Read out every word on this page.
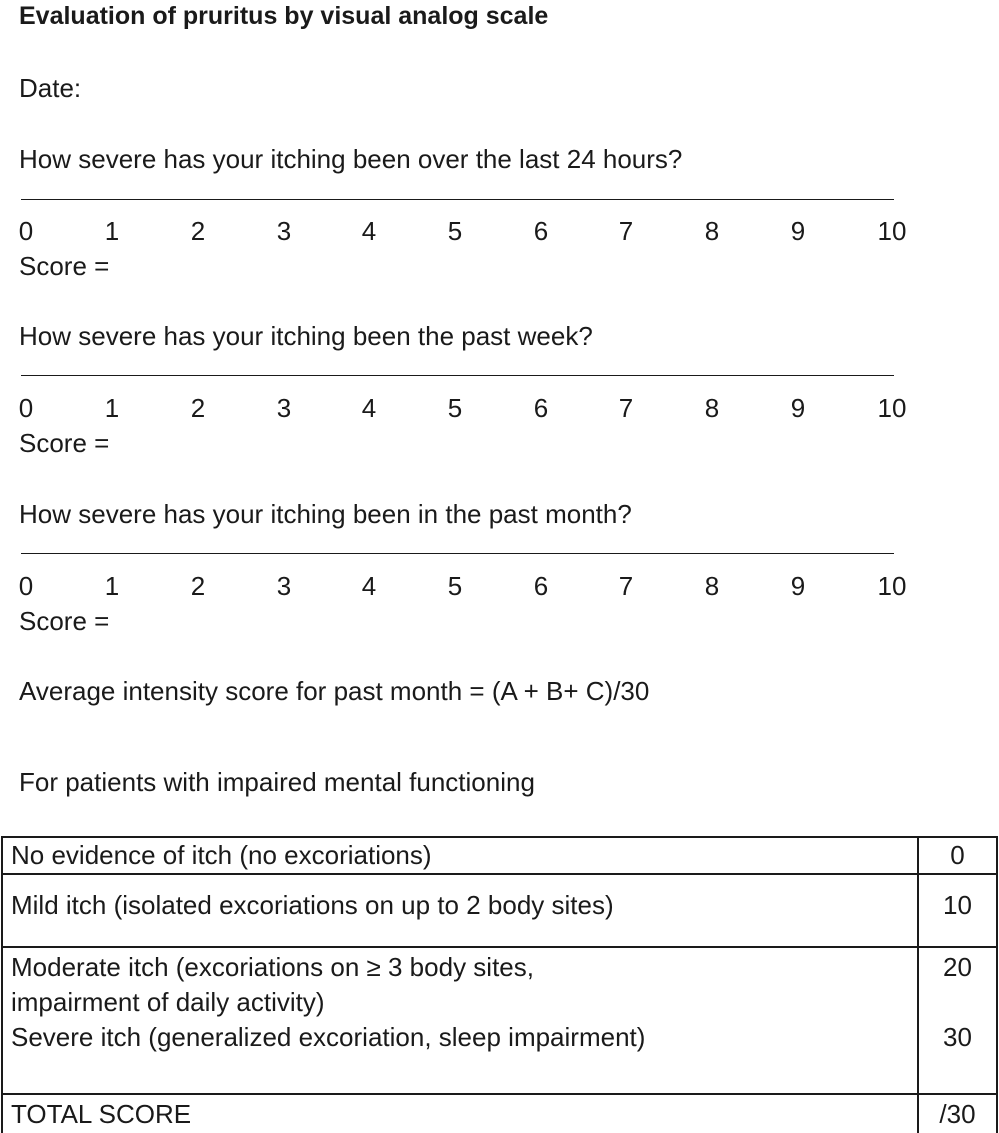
Evaluation of pruritus by visual analog scale
Date:
How severe has your itching been over the last 24 hours?
Score =
How severe has your itching been the past week?
Score =
How severe has your itching been in the past month?
Score =
Average intensity score for past month = (A + B+ C)/30
For patients with impaired mental functioning
No evidence of itch (no excoriations)	0
Mild itch (isolated excoriations on up to 2 body sites)	10

Moderate itch (excoriations on ≥ 3 body sites,
impairment of daily activity)	20
Severe itch (generalized excoriation, sleep impairment)	30
TOTAL SCORE	/30
0	1	2	3	4	5	6	7	8	9	10
0	1	2	3	4	5	6	7	8	9	10
0	1	2	3	4	5	6	7	8	9	10
